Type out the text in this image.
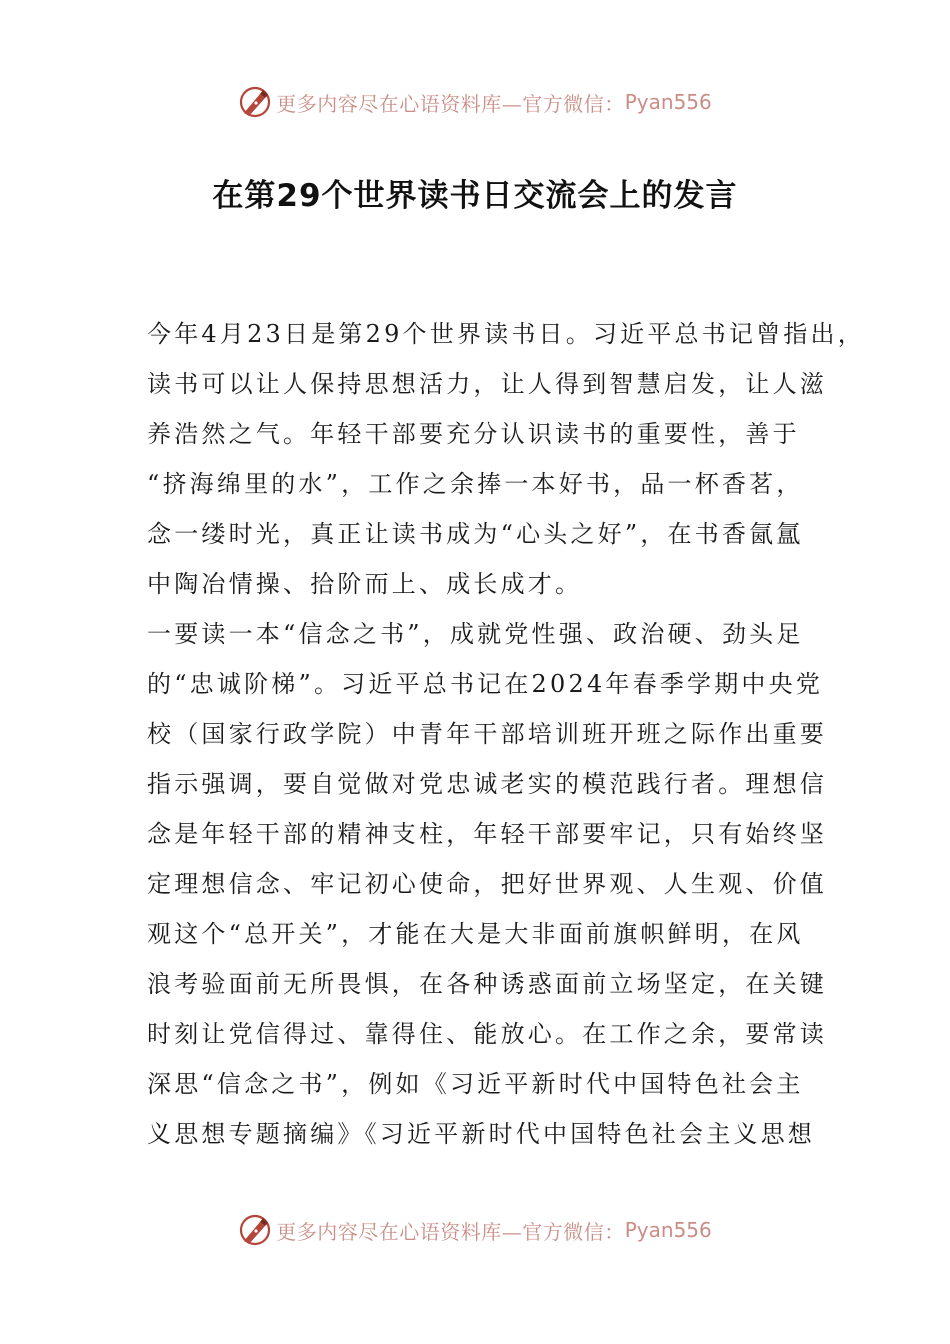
更多内容尽在心语资料库—官方微信： Pyan556
在第29个世界读书日交流会上的发言
今年4月23日是第29个世界读书日。习近平总书记曾指出，
读书可以让人保持思想活力，让人得到智慧启发，让人滋
养浩然之气。年轻干部要充分认识读书的重要性，善于
“挤海绵里的水”，工作之余捧一本好书，品一杯香茗，
念一缕时光，真正让读书成为“心头之好”，在书香氤氲
中陶冶情操、拾阶而上、成长成才。
一要读一本“信念之书”，成就党性强、政治硬、劲头足
的“忠诚阶梯”。习近平总书记在2024年春季学期中央党
校（国家行政学院）中青年干部培训班开班之际作出重要
指示强调，要自觉做对党忠诚老实的模范践行者。理想信
念是年轻干部的精神支柱，年轻干部要牢记，只有始终坚
定理想信念、牢记初心使命，把好世界观、人生观、价值
观这个“总开关”，才能在大是大非面前旗帜鲜明，在风
浪考验面前无所畏惧，在各种诱惑面前立场坚定，在关键
时刻让党信得过、靠得住、能放心。在工作之余，要常读
深思“信念之书”，例如《习近平新时代中国特色社会主
义思想专题摘编》《习近平新时代中国特色社会主义思想
更多内容尽在心语资料库—官方微信： Pyan556
